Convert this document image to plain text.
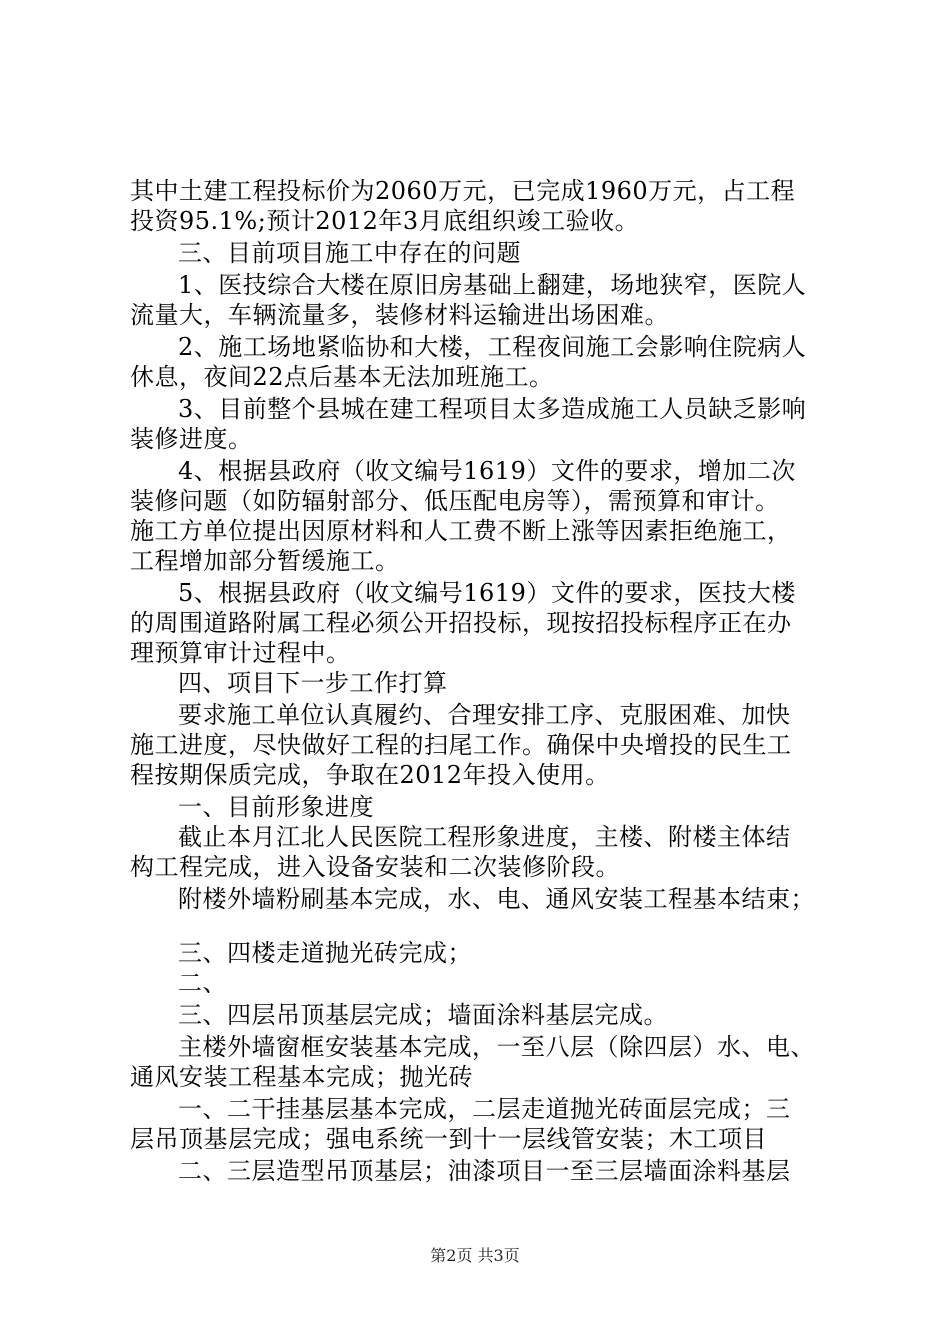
其中土建工程投标价为2060万元，已完成1960万元，占工程
投资95.1%;预计2012年3月底组织竣工验收。
三、目前项目施工中存在的问题
1、医技综合大楼在原旧房基础上翻建，场地狭窄，医院人
流量大，车辆流量多，装修材料运输进出场困难。
2、施工场地紧临协和大楼，工程夜间施工会影响住院病人
休息，夜间22点后基本无法加班施工。
3、目前整个县城在建工程项目太多造成施工人员缺乏影响
装修进度。
4、根据县政府（收文编号1619）文件的要求，增加二次
装修问题（如防辐射部分、低压配电房等），需预算和审计。
施工方单位提出因原材料和人工费不断上涨等因素拒绝施工，
工程增加部分暂缓施工。
5、根据县政府（收文编号1619）文件的要求，医技大楼
的周围道路附属工程必须公开招投标，现按招投标程序正在办
理预算审计过程中。
四、项目下一步工作打算
要求施工单位认真履约、合理安排工序、克服困难、加快
施工进度，尽快做好工程的扫尾工作。确保中央增投的民生工
程按期保质完成，争取在2012年投入使用。
一、目前形象进度
截止本月江北人民医院工程形象进度，主楼、附楼主体结
构工程完成，进入设备安装和二次装修阶段。
附楼外墙粉刷基本完成，水、电、通风安装工程基本结束；
三、四楼走道抛光砖完成；
二、
三、四层吊顶基层完成；墙面涂料基层完成。
主楼外墙窗框安装基本完成，一至八层（除四层）水、电、
通风安装工程基本完成；抛光砖
一、二干挂基层基本完成，二层走道抛光砖面层完成；三
层吊顶基层完成；强电系统一到十一层线管安装；木工项目
二、三层造型吊顶基层；油漆项目一至三层墙面涂料基层
第2页 共3页
